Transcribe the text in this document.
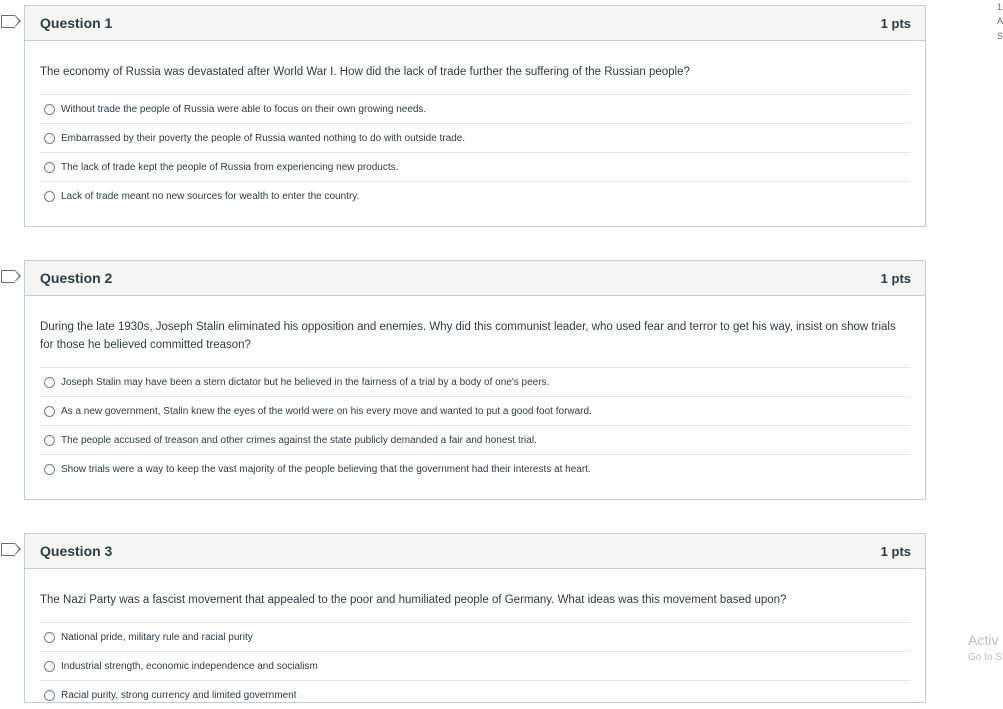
Question 1	1 pts

The economy of Russia was devastated after World War I. How did the lack of trade further the suffering of the Russian people?

Without trade the people of Russia were able to focus on their own growing needs.
Embarrassed by their poverty the people of Russia wanted nothing to do with outside trade.
The lack of trade kept the people of Russia from experiencing new products.
Lack of trade meant no new sources for wealth to enter the country.
Question 2	1 pts

During the late 1930s, Joseph Stalin eliminated his opposition and enemies. Why did this communist leader, who used fear and terror to get his way, insist on show trials for those he believed committed treason?

Joseph Stalin may have been a stern dictator but he believed in the fairness of a trial by a body of one's peers.
As a new government, Stalin knew the eyes of the world were on his every move and wanted to put a good foot forward.
The people accused of treason and other crimes against the state publicly demanded a fair and honest trial.
Show trials were a way to keep the vast majority of the people believing that the government had their interests at heart.
Question 3	1 pts

The Nazi Party was a fascist movement that appealed to the poor and humiliated people of Germany. What ideas was this movement based upon?

National pride, military rule and racial purity
Industrial strength, economic independence and socialism
Racial purity, strong currency and limited government
Activ
Go to S
1
A
S
